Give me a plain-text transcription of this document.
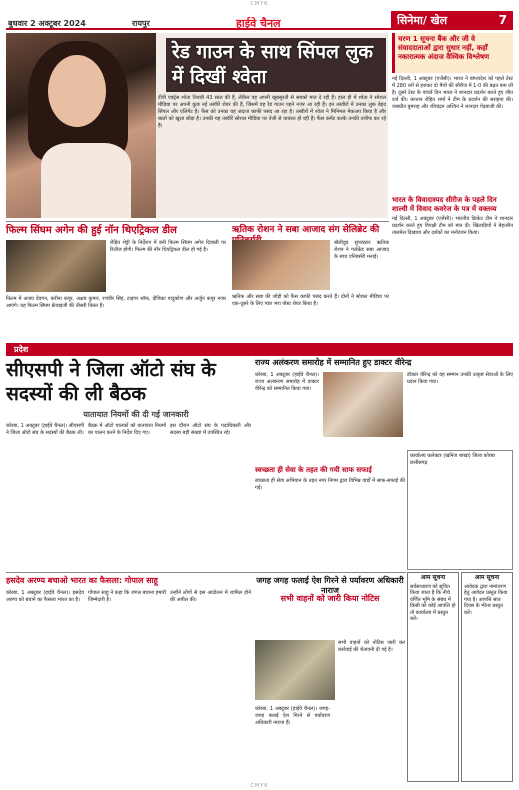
CMYK
बुधवार 2 अक्टूबर 2024	रायपुर	हाईवे चैनल	सिनेमा/ खेल	7
रेड गाउन के साथ सिंपल लुक में दिखीं श्वेता
टीवी एक्ट्रेस श्वेता तिवारी 43 साल की हैं, लेकिन वह अपनी खूबसूरती से सबको मात दे रही हैं। हाल ही में श्वेता ने सोशल मीडिया पर अपनी कुछ नई तस्वीरें शेयर की हैं, जिसमें वह रेड गाउन पहने नजर आ रही हैं। इन तस्वीरों में उनका लुक बेहद सिंपल और एलिगेंट है। फैंस को उनका यह अंदाज काफी पसंद आ रहा है। तस्वीरों में श्वेता ने मिनिमल मेकअप किया है और बालों को खुला छोड़ा है। उनकी यह तस्वीरें सोशल मीडिया पर तेजी से वायरल हो रही हैं। फैंस कमेंट करके उनकी तारीफ कर रहे हैं।
चरण 1 सूचना बैंक और जी वे संवाददाताओं द्वारा सुधार नहीं, कहाँ नकारात्मक अंदाज वैश्विक विश्लेषण
नई दिल्ली, 1 अक्टूबर (एजेंसी)। भारत ने बांग्लादेश को पहले टेस्ट में 280 रनों से हराकर दो मैचों की सीरीज में 1-0 की बढ़त बना ली है। दूसरे टेस्ट के पांचवें दिन भारत ने शानदार प्रदर्शन करते हुए जीत दर्ज की। कप्तान रोहित शर्मा ने टीम के प्रदर्शन की सराहना की। जसप्रीत बुमराह और रविचंद्रन अश्विन ने शानदार गेंदबाजी की।
भारत के विवादास्पद सीरीज के पहले दिन शाल्वी में विवाद कवरेज के पत्र में वक्तव्य
नई दिल्ली, 1 अक्टूबर (एजेंसी)। भारतीय क्रिकेट टीम ने शानदार प्रदर्शन करते हुए विपक्षी टीम को मात दी। खिलाड़ियों ने बेहतरीन तालमेल दिखाया और दर्शकों का मनोरंजन किया।
फिल्म सिंघम अगेन की हुई नॉन थिएट्रिकल डील
रोहित शेट्टी के निर्देशन में बनी फिल्म सिंघम अगेन दिवाली पर रिलीज होगी। फिल्म की नॉन थिएट्रिकल डील हो गई है।
फिल्म में अजय देवगन, करीना कपूर, अक्षय कुमार, रणवीर सिंह, टाइगर श्रॉफ, दीपिका पादुकोण और अर्जुन कपूर नजर आएंगे। यह फिल्म सिंघम फ्रेंचाइजी की तीसरी किस्त है।
ऋतिक रोशन ने सबा आजाद संग सेलिब्रेट की
बॉलीवुड सुपरस्टार ऋतिक रोशन ने गर्लफ्रेंड सबा आजाद के साथ एनिवर्सरी मनाई।
ऋतिक और सबा की जोड़ी को फैंस काफी पसंद करते हैं। दोनों ने सोशल मीडिया पर एक-दूसरे के लिए प्यार भरा पोस्ट शेयर किया है।
प्रदेश
सीएसपी ने जिला ऑटो संघ के सदस्यों की ली बैठक
यातायात नियमों की दी गई जानकारी
कोरबा, 1 अक्टूबर (हाईवे चैनल)। सीएसपी ने जिला ऑटो संघ के सदस्यों की बैठक ली।
बैठक में ऑटो चालकों को यातायात नियमों का पालन करने के निर्देश दिए गए।
इस दौरान ऑटो संघ के पदाधिकारी और सदस्य बड़ी संख्या में उपस्थित रहे।
राज्य अलंकरण समारोह में सम्मानित हुए डाक्टर वीरेन्द्र
कोरबा, 1 अक्टूबर (हाईवे चैनल)। राज्य अलंकरण समारोह में डाक्टर वीरेन्द्र को सम्मानित किया गया।
डॉक्टर वीरेन्द्र को यह सम्मान उनकी उत्कृष्ट सेवाओं के लिए प्रदान किया गया।
स्वच्छता ही सेवा के तहत की गयी साफ सफाई
स्वच्छता ही सेवा अभियान के तहत नगर निगम द्वारा विभिन्न वार्डों में साफ-सफाई की गई।
कार्यालय कलेक्टर (खनिज शाखा) जिला कोरबा छत्तीसगढ़
हसदेव अरण्य बचाओ भारत का फैसला: गोपाल साहू
कोरबा, 1 अक्टूबर (हाईवे चैनल)। हसदेव अरण्य को बचाने का फैसला भारत का है।
गोपाल साहू ने कहा कि जंगल बचाना हमारी जिम्मेदारी है।
उन्होंने लोगों से इस आंदोलन में शामिल होने की अपील की।
जगह जगह फलाई ऐश गिरने से पर्यावरण अधिकारी नाराज
सभी वाहनों को जारी किया नोटिस
कोरबा, 1 अक्टूबर (हाईवे चैनल)। जगह-जगह फ्लाई ऐश गिरने से पर्यावरण अधिकारी नाराज हैं।
सभी वाहनों को नोटिस जारी कर कार्रवाई की चेतावनी दी गई है।
आम सूचना
सर्वसाधारण को सूचित किया जाता है कि नीचे वर्णित भूमि के संबंध में किसी को कोई आपत्ति हो तो कार्यालय में प्रस्तुत करें।
आम सूचना
आवेदक द्वारा नामांतरण हेतु आवेदन प्रस्तुत किया गया है। आपत्ति सात दिवस के भीतर प्रस्तुत करें।
CMYK
